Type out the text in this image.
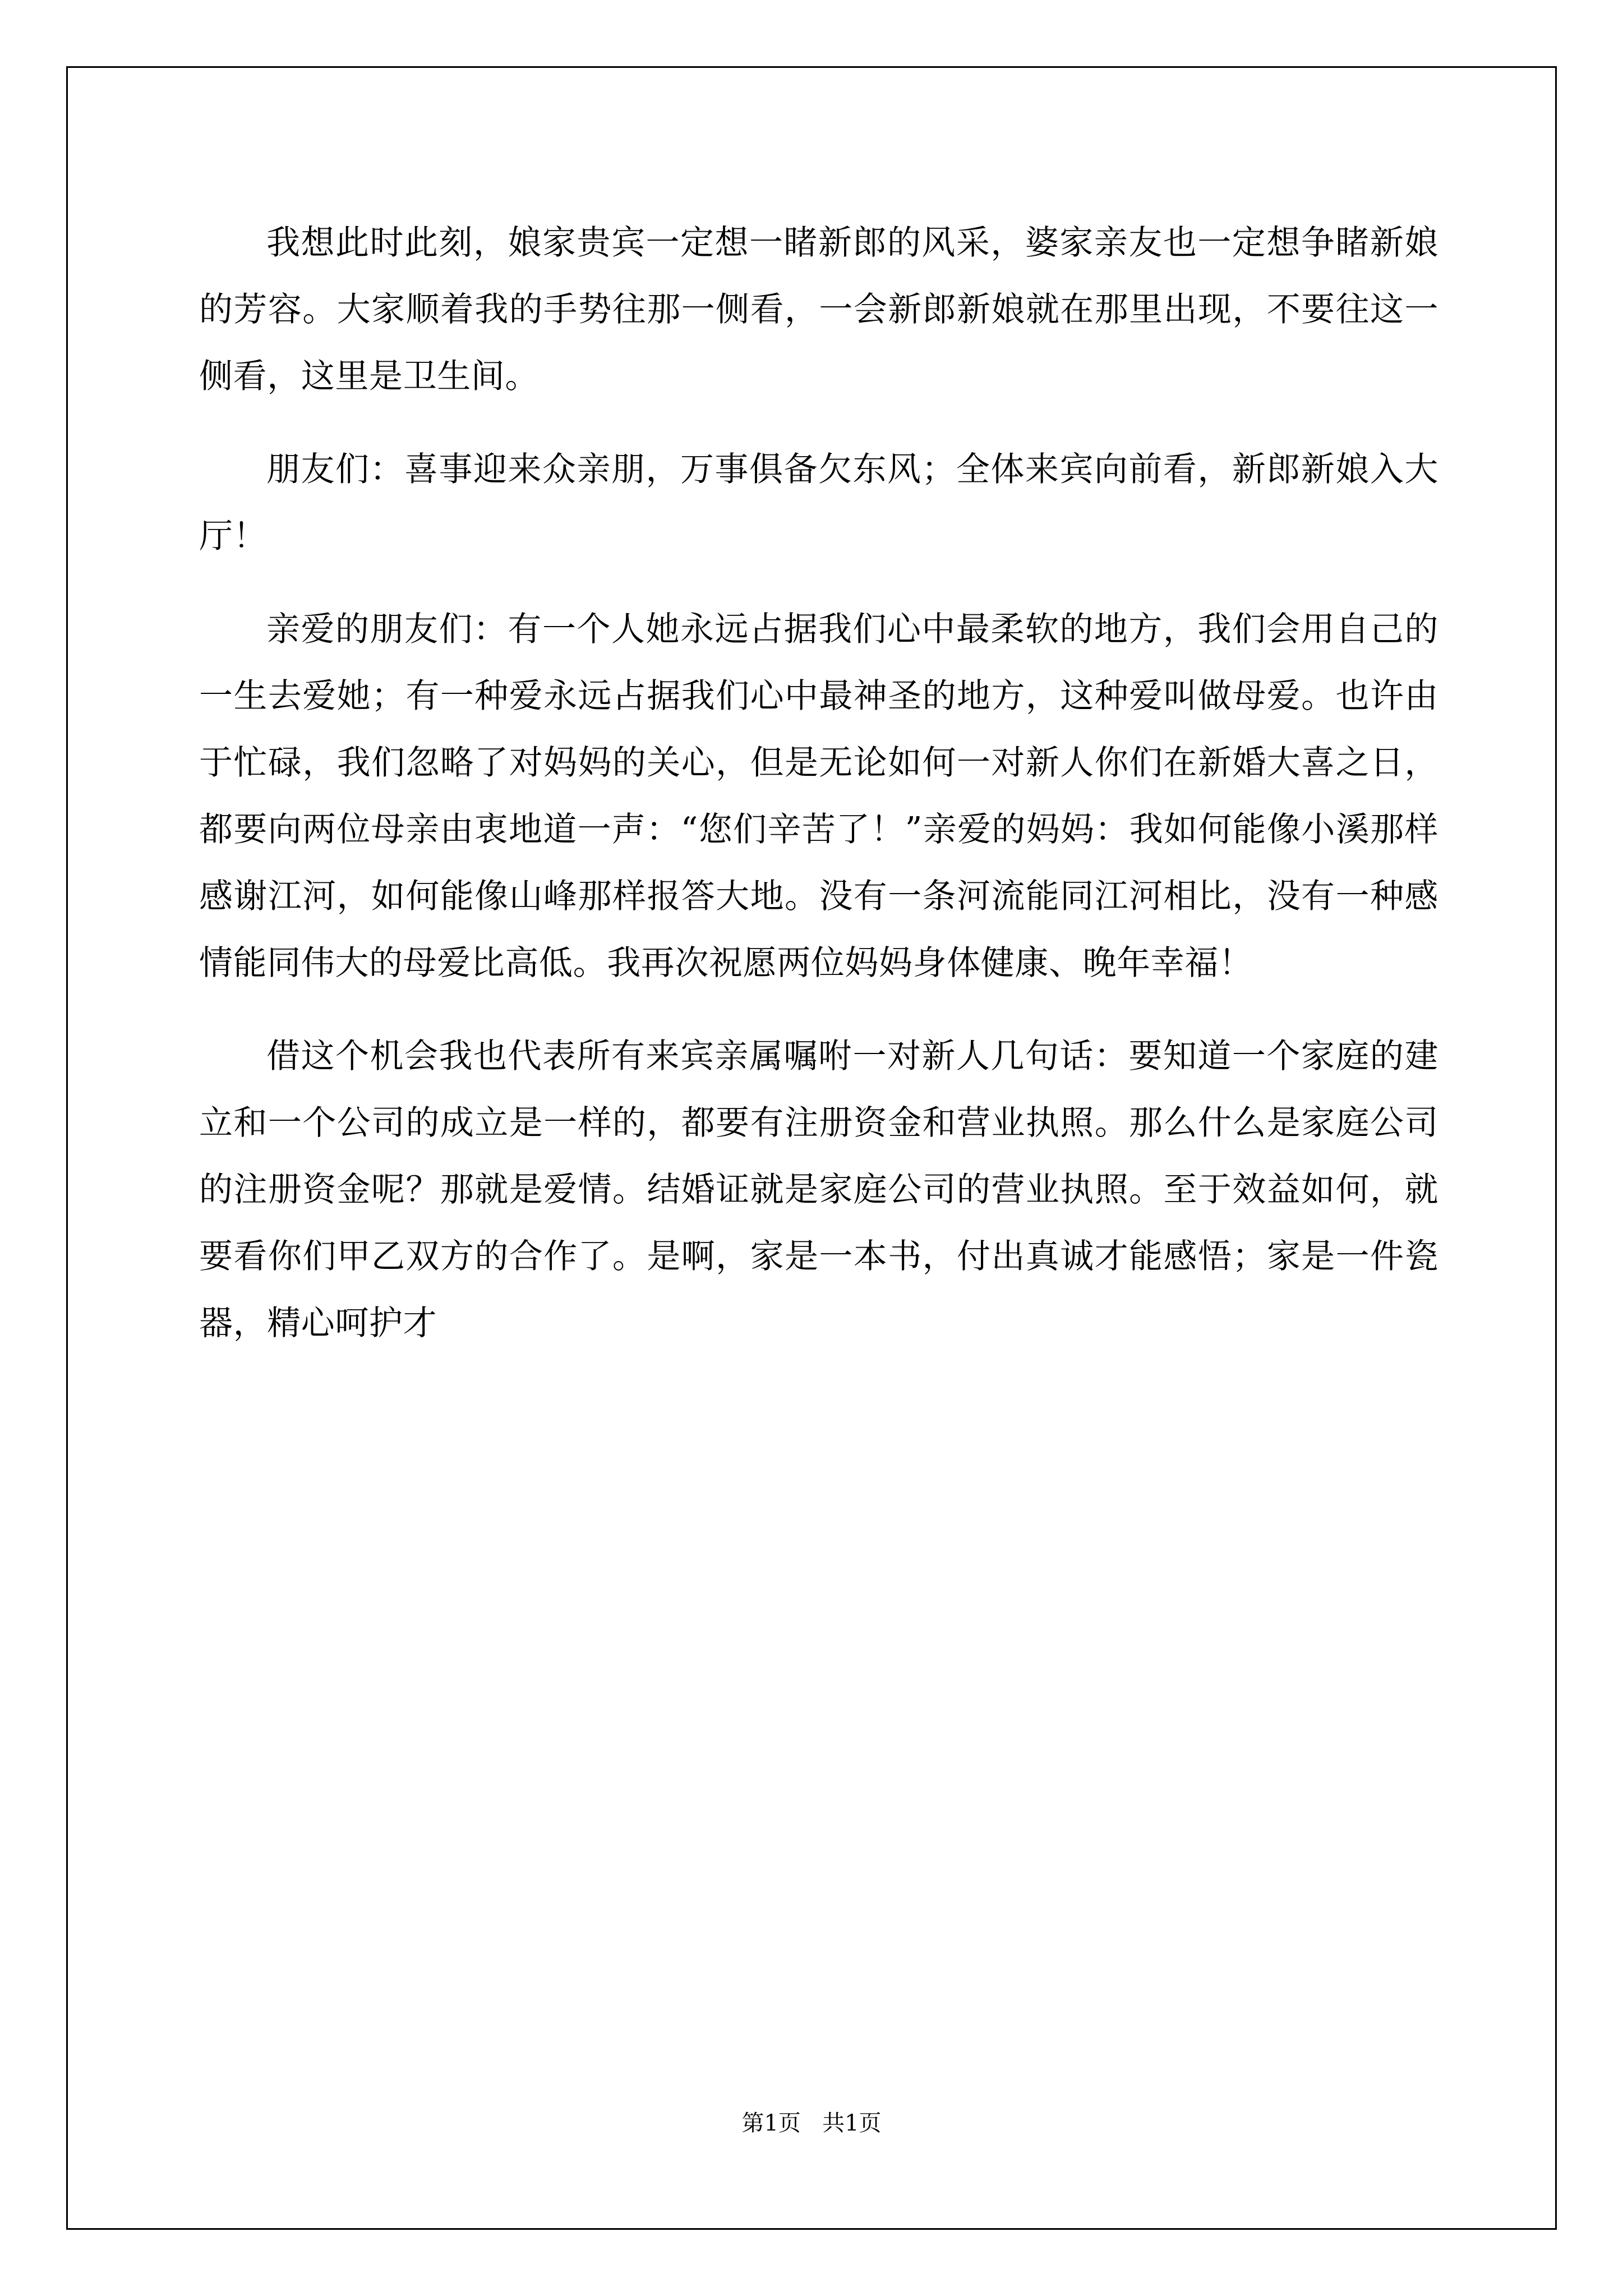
我想此时此刻，娘家贵宾一定想一睹新郎的风采，婆家亲友也一定想争睹新娘的芳容。大家顺着我的手势往那一侧看，一会新郎新娘就在那里出现，不要往这一侧看，这里是卫生间。

朋友们：喜事迎来众亲朋，万事俱备欠东风；全体来宾向前看，新郎新娘入大厅！

亲爱的朋友们：有一个人她永远占据我们心中最柔软的地方，我们会用自己的一生去爱她；有一种爱永远占据我们心中最神圣的地方，这种爱叫做母爱。也许由于忙碌，我们忽略了对妈妈的关心，但是无论如何一对新人你们在新婚大喜之日，都要向两位母亲由衷地道一声：“您们辛苦了！”亲爱的妈妈：我如何能像小溪那样感谢江河，如何能像山峰那样报答大地。没有一条河流能同江河相比，没有一种感情能同伟大的母爱比高低。我再次祝愿两位妈妈身体健康、晚年幸福！

借这个机会我也代表所有来宾亲属嘱咐一对新人几句话：要知道一个家庭的建立和一个公司的成立是一样的，都要有注册资金和营业执照。那么什么是家庭公司的注册资金呢？那就是爱情。结婚证就是家庭公司的营业执照。至于效益如何，就要看你们甲乙双方的合作了。是啊，家是一本书，付出真诚才能感悟；家是一件瓷器，精心呵护才

第1页 共1页
